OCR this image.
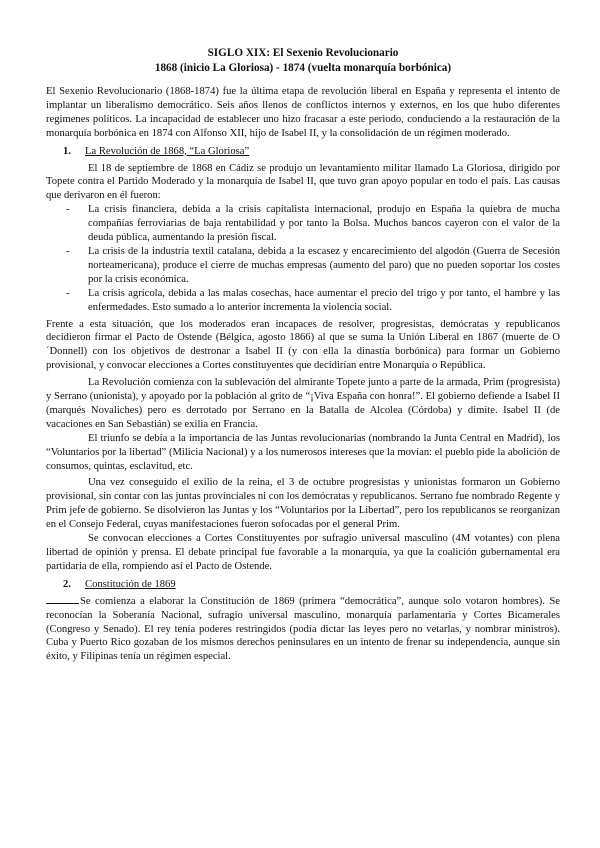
SIGLO XIX: El Sexenio Revolucionario
1868 (inicio La Gloriosa) - 1874 (vuelta monarquía borbónica)

El Sexenio Revolucionario (1868-1874) fue la última etapa de revolución liberal en España y representa el intento de implantar un liberalismo democrático. Seis años llenos de conflictos internos y externos, en los que hubo diferentes regímenes políticos. La incapacidad de establecer uno hizo fracasar a este periodo, conduciendo a la restauración de la monarquía borbónica en 1874 con Alfonso XII, hijo de Isabel II, y la consolidación de un régimen moderado.

1.	La Revolución de 1868, “La Gloriosa”

El 18 de septiembre de 1868 en Cádiz se produjo un levantamiento militar llamado La Gloriosa, dirigido por Topete contra el Partido Moderado y la monarquía de Isabel II, que tuvo gran apoyo popular en todo el país. Las causas que derivaron en él fueron:

- La crisis financiera, debida a la crisis capitalista internacional, produjo en España la quiebra de mucha compañías ferroviarias de baja rentabilidad y por tanto la Bolsa. Muchos bancos cayeron con el valor de la deuda pública, aumentando la presión fiscal.
- La crisis de la industria textil catalana, debida a la escasez y encarecimiento del algodón (Guerra de Secesión norteamericana), produce el cierre de muchas empresas (aumento del paro) que no pueden soportar los costes por la crisis económica.
- La crisis agrícola, debida a las malas cosechas, hace aumentar el precio del trigo y por tanto, el hambre y las enfermedades. Esto sumado a lo anterior incrementa la violencia social.

Frente a esta situación, que los moderados eran incapaces de resolver, progresistas, demócratas y republicanos decidieron firmar el Pacto de Ostende (Bélgica, agosto 1866) al que se suma la Unión Liberal en 1867 (muerte de O´Donnell) con los objetivos de destronar a Isabel II (y con ella la dinastía borbónica) para formar un Gobierno provisional, y convocar elecciones a Cortes constituyentes que decidirían entre Monarquía o República.

La Revolución comienza con la sublevación del almirante Topete junto a parte de la armada, Prim (progresista) y Serrano (unionista), y apoyado por la población al grito de “¡Viva España con honra!”. El gobierno defiende a Isabel II (marqués Novaliches) pero es derrotado por Serrano en la Batalla de Alcolea (Córdoba) y dimite. Isabel II (de vacaciones en San Sebastián) se exilia en Francia.

El triunfo se debía a la importancia de las Juntas revolucionarias (nombrando la Junta Central en Madrid), los “Voluntarios por la libertad” (Milicia Nacional) y a los numerosos intereses que la movían: el pueblo pide la abolición de consumos, quintas, esclavitud, etc.

Una vez conseguido el exilio de la reina, el 3 de octubre progresistas y unionistas formaron un Gobierno provisional, sin contar con las juntas provinciales ni con los demócratas y republicanos. Serrano fue nombrado Regente y Prim jefe de gobierno. Se disolvieron las Juntas y los “Voluntarios por la Libertad”, pero los republicanos se reorganizan en el Consejo Federal, cuyas manifestaciones fueron sofocadas por el general Prim.

Se convocan elecciones a Cortes Constituyentes por sufragio universal masculino (4M votantes) con plena libertad de opinión y prensa. El debate principal fue favorable a la monarquía, ya que la coalición gubernamental era partidaria de ella, rompiendo así el Pacto de Ostende.

2.	Constitución de 1869

Se comienza a elaborar la Constitución de 1869 (primera “democrática”, aunque solo votaron hombres). Se reconocían la Soberanía Nacional, sufragio universal masculino, monarquía parlamentaria y Cortes Bicamerales (Congreso y Senado). El rey tenía poderes restringidos (podía dictar las leyes pero no vetarlas, y nombrar ministros). Cuba y Puerto Rico gozaban de los mismos derechos peninsulares en un intento de frenar su independencia, aunque sin éxito, y Filipinas tenía un régimen especial.
